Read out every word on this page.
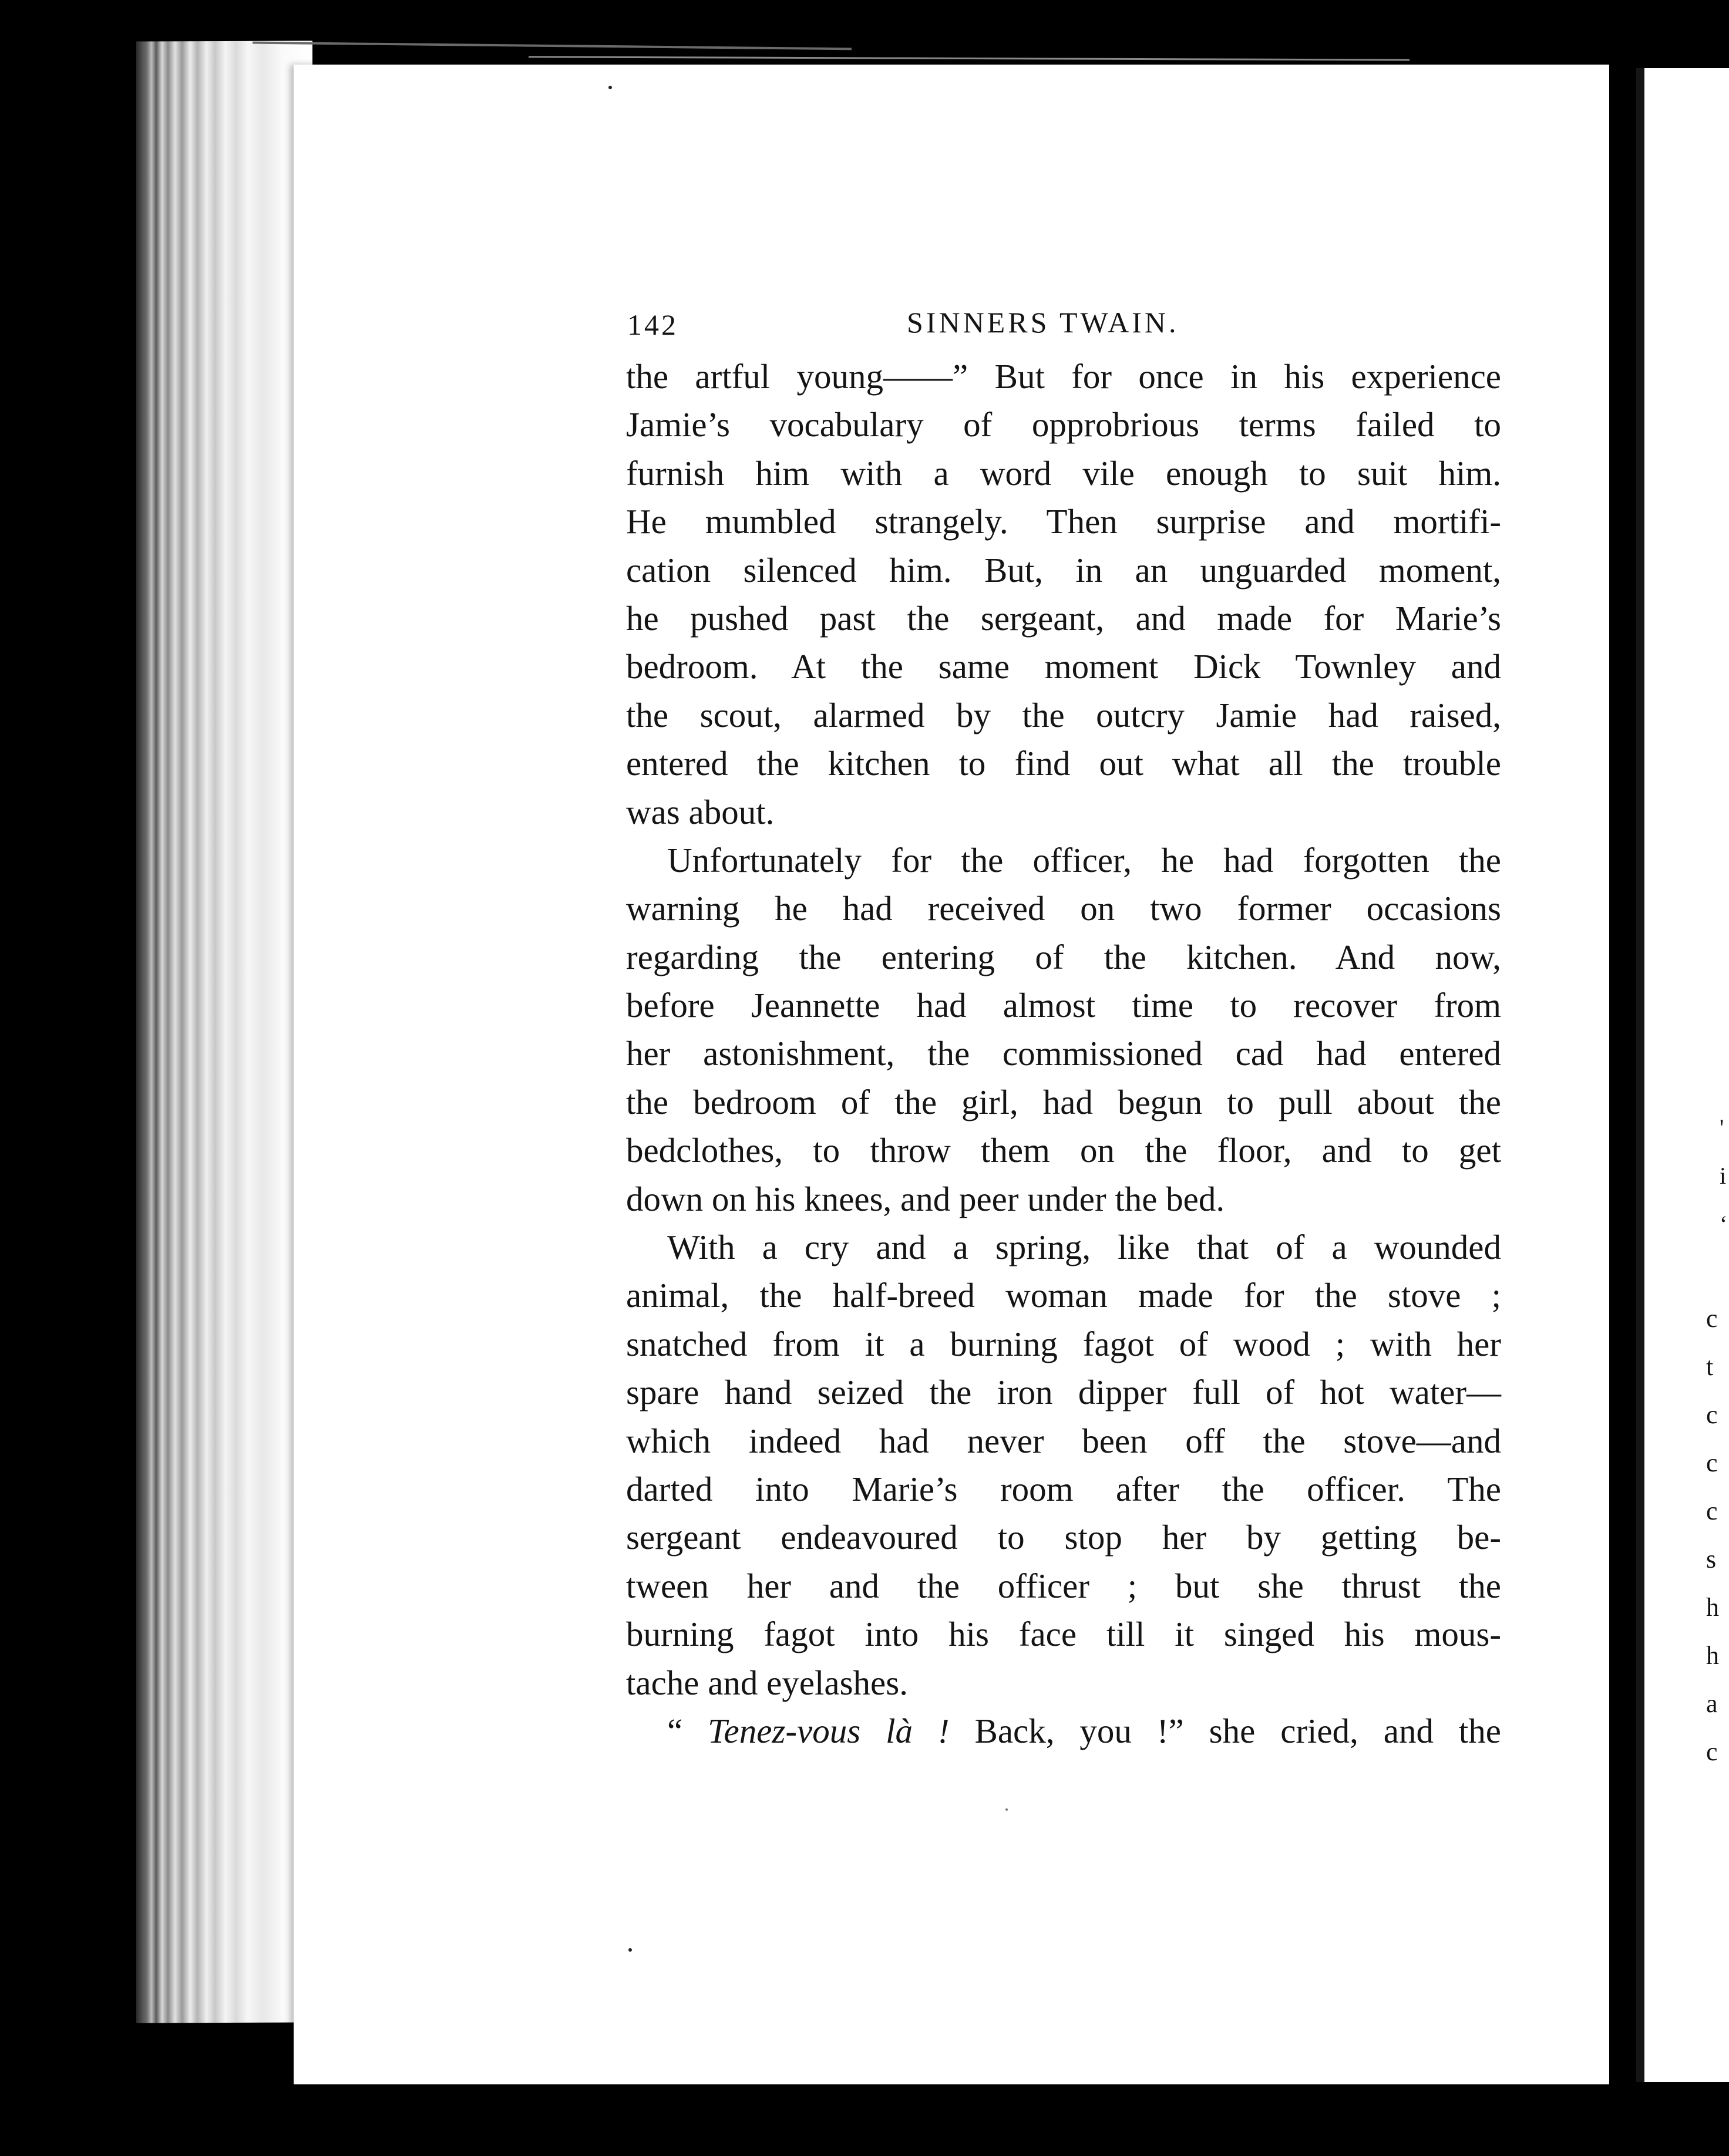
'
i
‘
c
t
c
c
c
s
h
h
a
c
142	SINNERS TWAIN.
the artful young——” But for once in his experience
Jamie’s vocabulary of opprobrious terms failed to
furnish him with a word vile enough to suit him.
He mumbled strangely. Then surprise and mortifi-
cation silenced him. But, in an unguarded moment,
he pushed past the sergeant, and made for Marie’s
bedroom. At the same moment Dick Townley and
the scout, alarmed by the outcry Jamie had raised,
entered the kitchen to find out what all the trouble
was about.
Unfortunately for the officer, he had forgotten the
warning he had received on two former occasions
regarding the entering of the kitchen. And now,
before Jeannette had almost time to recover from
her astonishment, the commissioned cad had entered
the bedroom of the girl, had begun to pull about the
bedclothes, to throw them on the floor, and to get
down on his knees, and peer under the bed.
With a cry and a spring, like that of a wounded
animal, the half-breed woman made for the stove ;
snatched from it a burning fagot of wood ; with her
spare hand seized the iron dipper full of hot water—
which indeed had never been off the stove—and
darted into Marie’s room after the officer. The
sergeant endeavoured to stop her by getting be-
tween her and the officer ; but she thrust the
burning fagot into his face till it singed his mous-
tache and eyelashes.
“ Tenez-vous là ! Back, you !” she cried, and the
